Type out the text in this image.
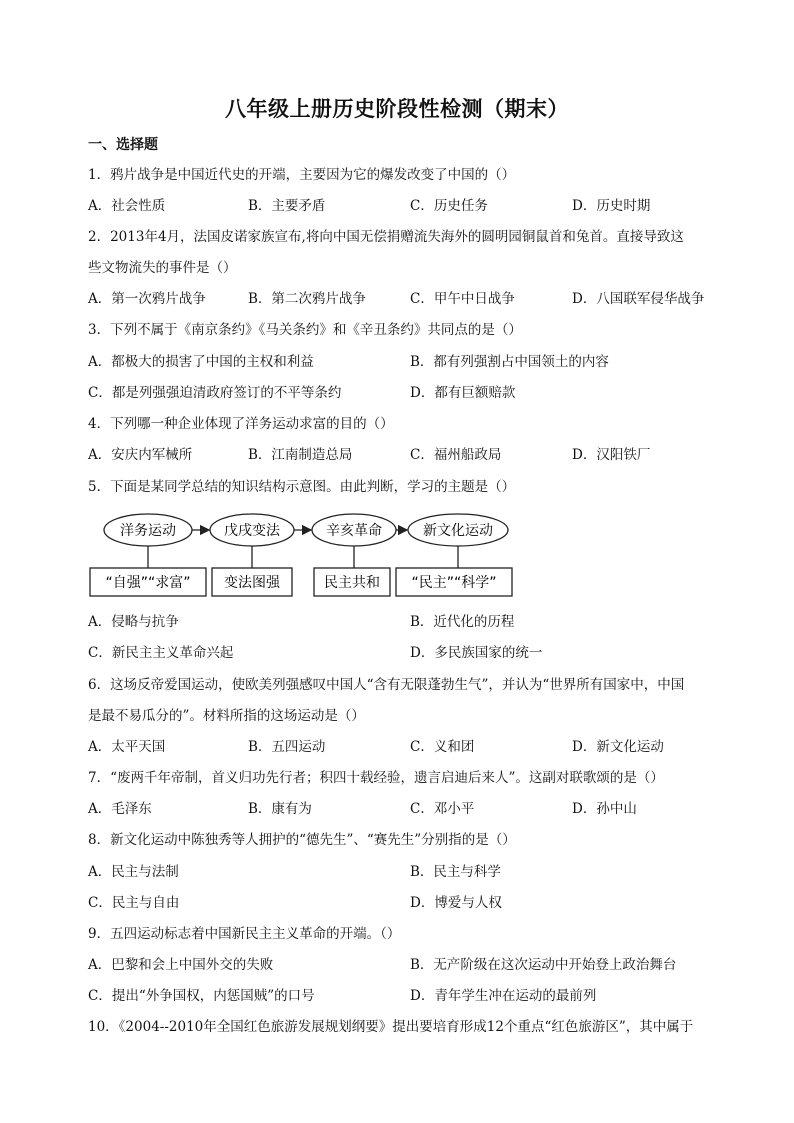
八年级上册历史阶段性检测（期末）
一、选择题
1．鸦片战争是中国近代史的开端，主要因为它的爆发改变了中国的（）
A．社会性质	B．主要矛盾	C．历史任务	D．历史时期
2．2013年4月，法国皮诺家族宣布,将向中国无偿捐赠流失海外的圆明园铜鼠首和兔首。直接导致这
些文物流失的事件是（）
A．第一次鸦片战争	B．第二次鸦片战争	C．甲午中日战争	D．八国联军侵华战争
3．下列不属于《南京条约》《马关条约》和《辛丑条约》共同点的是（）
A．都极大的损害了中国的主权和利益	B．都有列强割占中国领土的内容
C．都是列强强迫清政府签订的不平等条约	D．都有巨额赔款
4．下列哪一种企业体现了洋务运动求富的目的（）
A．安庆内军械所	B．江南制造总局	C．福州船政局	D．汉阳铁厂
5．下面是某同学总结的知识结构示意图。由此判断，学习的主题是（）
洋务运动	戊戌变法	辛亥革命	新文化运动
“自强”“求富” 变法图强	民主共和 “民主”“科学”
A．侵略与抗争	B．近代化的历程
C．新民主主义革命兴起	D．多民族国家的统一
6．这场反帝爱国运动，使欧美列强感叹中国人“含有无限蓬勃生气”，并认为“世界所有国家中，中国
是最不易瓜分的”。材料所指的这场运动是（）
A．太平天国	B．五四运动	C．义和团	D．新文化运动
7．“废两千年帝制，首义归功先行者；积四十载经验，遗言启迪后来人”。这副对联歌颂的是（）
A．毛泽东	B．康有为	C．邓小平	D．孙中山
8．新文化运动中陈独秀等人拥护的“德先生”、“赛先生”分别指的是（）
A．民主与法制	B．民主与科学
C．民主与自由	D．博爱与人权
9．五四运动标志着中国新民主主义革命的开端。（）
A．巴黎和会上中国外交的失败	B．无产阶级在这次运动中开始登上政治舞台
C．提出“外争国权，内惩国贼”的口号	D．青年学生冲在运动的最前列
10．《2004--2010年全国红色旅游发展规划纲要》提出要培育形成12个重点“红色旅游区”，其中属于
